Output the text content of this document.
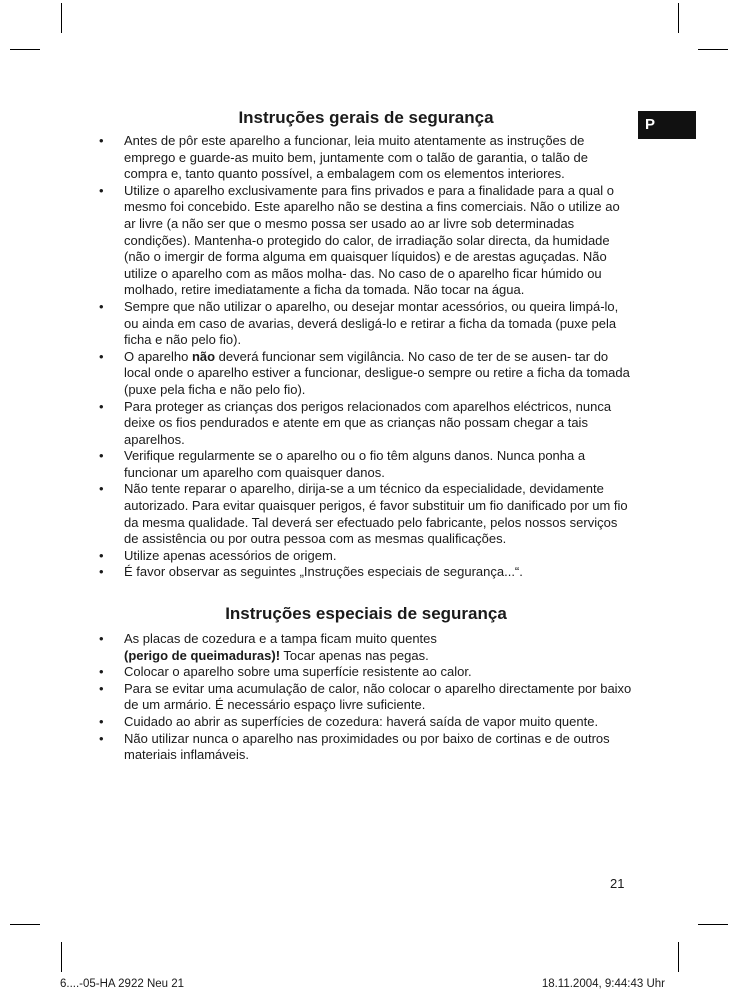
P
Instruções gerais de segurança
• Antes de pôr este aparelho a funcionar, leia muito atentamente as instruções de emprego e guarde-as muito bem, juntamente com o talão de garantia, o talão de compra e, tanto quanto possível, a embalagem com os elementos interiores.
• Utilize o aparelho exclusivamente para fins privados e para a finalidade para a qual o mesmo foi concebido. Este aparelho não se destina a fins comerciais. Não o utilize ao ar livre (a não ser que o mesmo possa ser usado ao ar livre sob determinadas condições). Mantenha-o protegido do calor, de irradiação solar directa, da humidade (não o imergir de forma alguma em quaisquer líquidos) e de arestas aguçadas. Não utilize o aparelho com as mãos molha- das. No caso de o aparelho ficar húmido ou molhado, retire imediatamente a ficha da tomada. Não tocar na água.
• Sempre que não utilizar o aparelho, ou desejar montar acessórios, ou queira limpá-lo, ou ainda em caso de avarias, deverá desligá-lo e retirar a ficha da tomada (puxe pela ficha e não pelo fio).
• O aparelho não deverá funcionar sem vigilância. No caso de ter de se ausen- tar do local onde o aparelho estiver a funcionar, desligue-o sempre ou retire a ficha da tomada (puxe pela ficha e não pelo fio).
• Para proteger as crianças dos perigos relacionados com aparelhos eléctricos, nunca deixe os fios pendurados e atente em que as crianças não possam chegar a tais aparelhos.
• Verifique regularmente se o aparelho ou o fio têm alguns danos. Nunca ponha a funcionar um aparelho com quaisquer danos.
• Não tente reparar o aparelho, dirija-se a um técnico da especialidade, devidamente autorizado. Para evitar quaisquer perigos, é favor substituir um fio danificado por um fio da mesma qualidade. Tal deverá ser efectuado pelo fabricante, pelos nossos serviços de assistência ou por outra pessoa com as mesmas qualificações.
• Utilize apenas acessórios de origem.
• É favor observar as seguintes „Instruções especiais de segurança...“.
Instruções especiais de segurança
• As placas de cozedura e a tampa ficam muito quentes
(perigo de queimaduras)! Tocar apenas nas pegas.
• Colocar o aparelho sobre uma superfície resistente ao calor.
• Para se evitar uma acumulação de calor, não colocar o aparelho directamente por baixo de um armário. É necessário espaço livre suficiente.
• Cuidado ao abrir as superfícies de cozedura: haverá saída de vapor muito quente.
• Não utilizar nunca o aparelho nas proximidades ou por baixo de cortinas e de outros materiais inflamáveis.
21
6....-05-HA 2922 Neu 21	18.11.2004, 9:44:43 Uhr
